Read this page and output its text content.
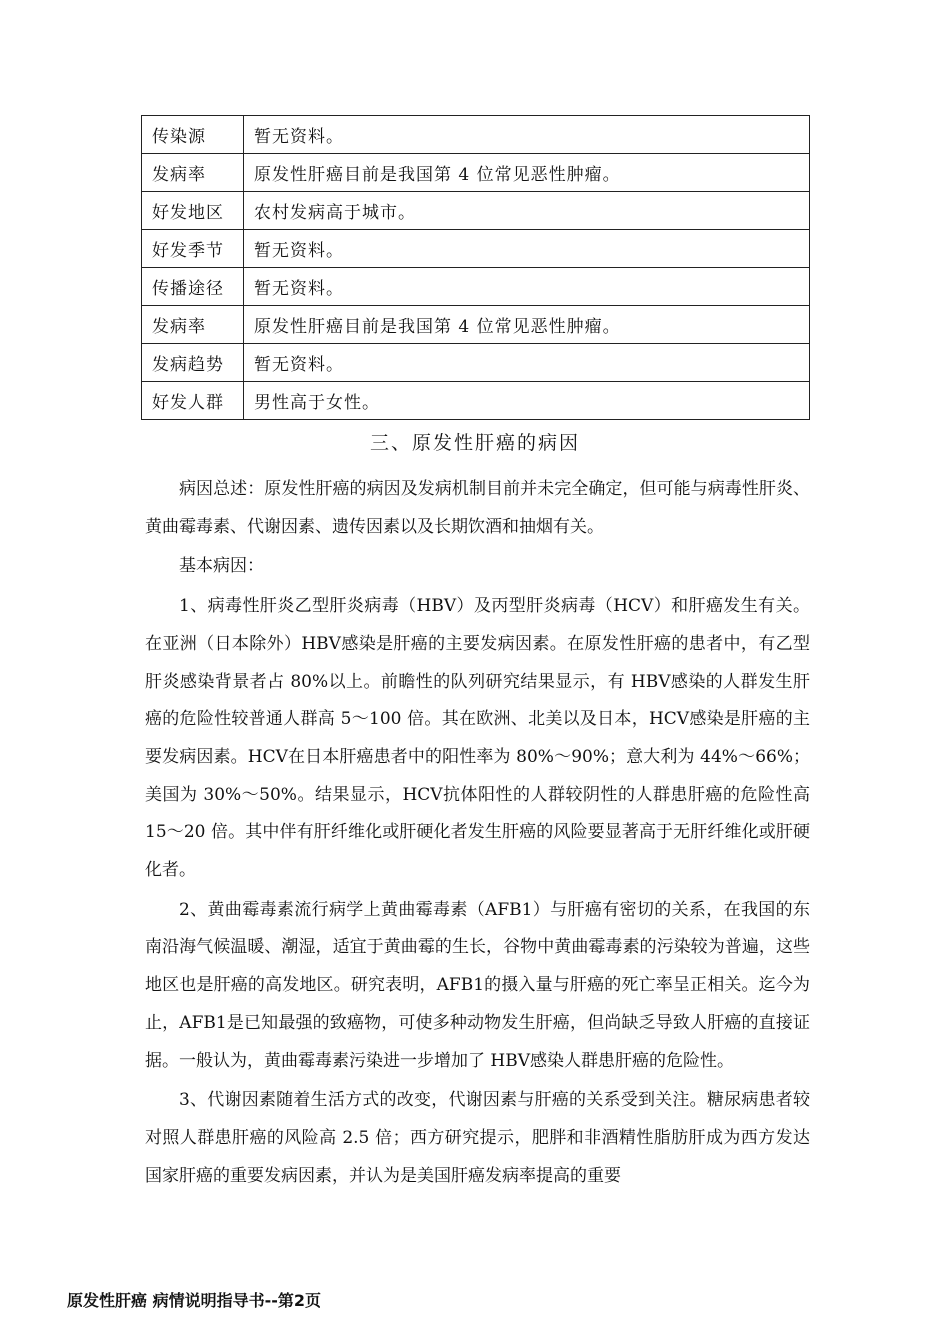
传染源	暂无资料。
发病率	原发性肝癌目前是我国第 4 位常见恶性肿瘤。
好发地区	农村发病高于城市。
好发季节	暂无资料。
传播途径	暂无资料。
发病率	原发性肝癌目前是我国第 4 位常见恶性肿瘤。
发病趋势	暂无资料。
好发人群	男性高于女性。
三、原发性肝癌的病因

病因总述：原发性肝癌的病因及发病机制目前并未完全确定，但可能与病毒性肝炎、黄曲霉毒素、代谢因素、遗传因素以及长期饮酒和抽烟有关。

基本病因：

1、病毒性肝炎乙型肝炎病毒（HBV）及丙型肝炎病毒（HCV）和肝癌发生有关。在亚洲（日本除外）HBV感染是肝癌的主要发病因素。在原发性肝癌的患者中，有乙型肝炎感染背景者占 80%以上。前瞻性的队列研究结果显示，有 HBV感染的人群发生肝癌的危险性较普通人群高 5～100 倍。其在欧洲、北美以及日本，HCV感染是肝癌的主要发病因素。HCV在日本肝癌患者中的阳性率为 80%～90%；意大利为 44%～66%；美国为 30%～50%。结果显示，HCV抗体阳性的人群较阴性的人群患肝癌的危险性高 15～20 倍。其中伴有肝纤维化或肝硬化者发生肝癌的风险要显著高于无肝纤维化或肝硬化者。

2、黄曲霉毒素流行病学上黄曲霉毒素（AFB1）与肝癌有密切的关系，在我国的东南沿海气候温暖、潮湿，适宜于黄曲霉的生长，谷物中黄曲霉毒素的污染较为普遍，这些地区也是肝癌的高发地区。研究表明，AFB1的摄入量与肝癌的死亡率呈正相关。迄今为止，AFB1是已知最强的致癌物，可使多种动物发生肝癌，但尚缺乏导致人肝癌的直接证据。一般认为，黄曲霉毒素污染进一步增加了 HBV感染人群患肝癌的危险性。

3、代谢因素随着生活方式的改变，代谢因素与肝癌的关系受到关注。糖尿病患者较对照人群患肝癌的风险高 2.5 倍；西方研究提示，肥胖和非酒精性脂肪肝成为西方发达国家肝癌的重要发病因素，并认为是美国肝癌发病率提高的重要

原发性肝癌 病情说明指导书--第2页
